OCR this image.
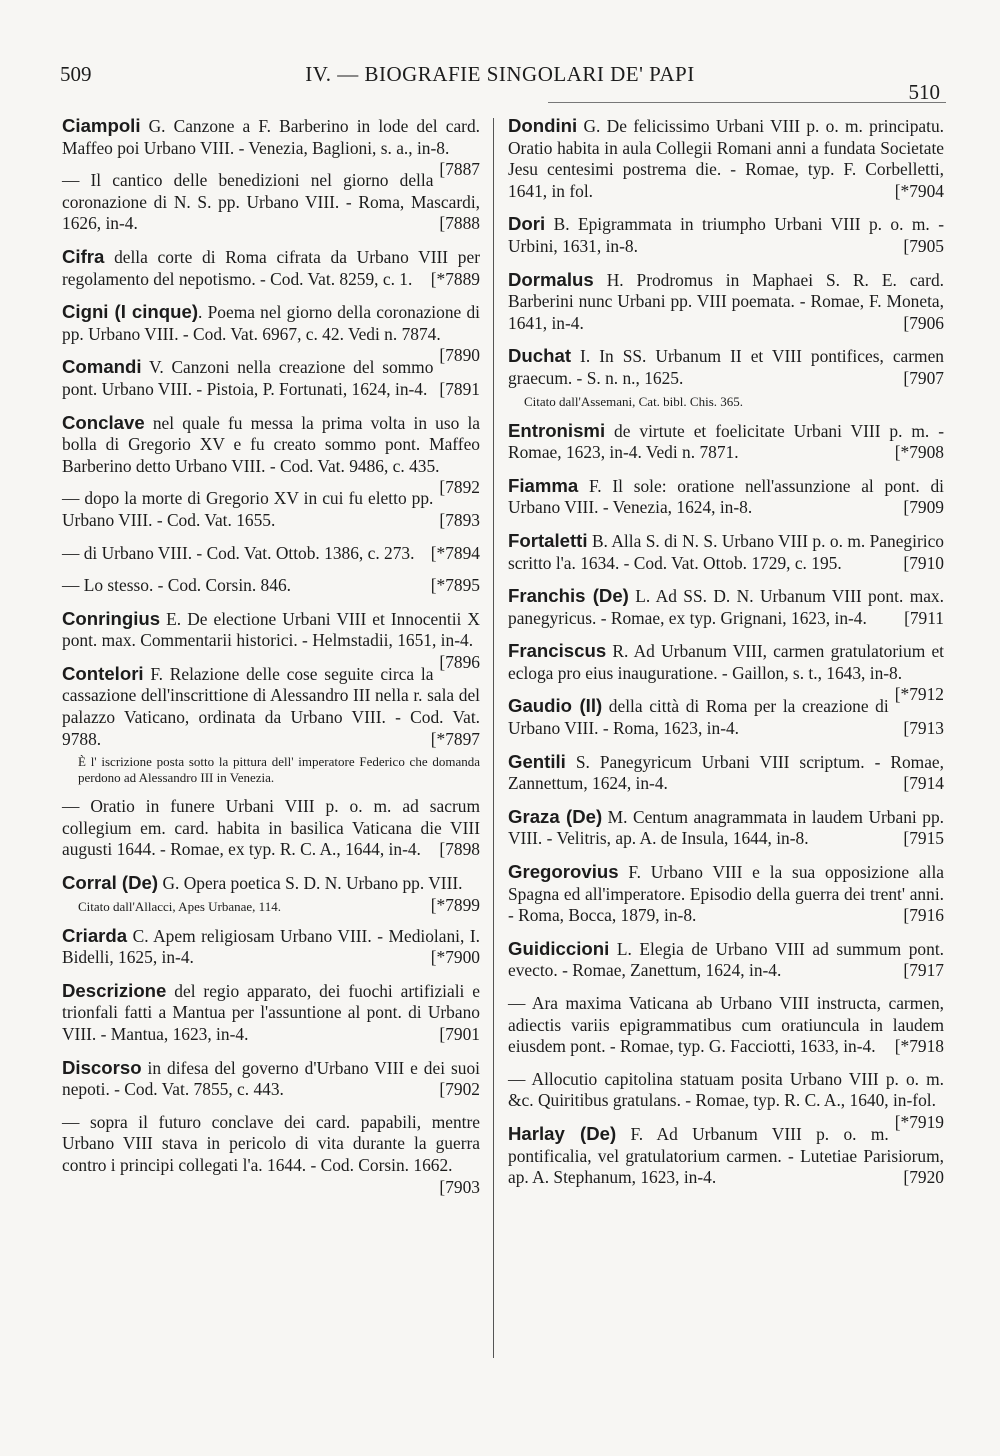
509	IV. — BIOGRAFIE SINGOLARI DE' PAPI
510

Ciampoli G. Canzone a F. Barberino in lode del card. Maffeo poi Urbano VIII. - Venezia, Baglioni, s. a., in-8.
[7887

— Il cantico delle benedizioni nel giorno della coronazione di N. S. pp. Urbano VIII. - Roma, Mascardi, 1626, in-4.	[7888

Cifra della corte di Roma cifrata da Urbano VIII per regolamento del nepotismo. - Cod. Vat. 8259, c. 1. [*7889

Cigni (I cinque). Poema nel giorno della coronazione di pp. Urbano VIII. - Cod. Vat. 6967, c. 42. Vedi n. 7874.
[7890

Comandi V. Canzoni nella creazione del sommo pont. Urbano VIII. - Pistoia, P. Fortunati, 1624, in-4. [7891

Conclave nel quale fu messa la prima volta in uso la bolla di Gregorio XV e fu creato sommo pont. Maffeo Barberino detto Urbano VIII. - Cod. Vat. 9486, c. 435.
[7892

— dopo la morte di Gregorio XV in cui fu eletto pp. Urbano VIII. - Cod. Vat. 1655.	[7893

— di Urbano VIII. - Cod. Vat. Ottob. 1386, c. 273. [*7894

— Lo stesso. - Cod. Corsin. 846.	[*7895

Conringius E. De electione Urbani VIII et Innocentii X pont. max. Commentarii historici. - Helmstadii, 1651, in-4.
[7896

Contelori F. Relazione delle cose seguite circa la cassazione dell'inscrittione di Alessandro III nella r. sala del palazzo Vaticano, ordinata da Urbano VIII. - Cod. Vat. 9788.	[*7897

È l' iscrizione posta sotto la pittura dell' imperatore Federico che domanda perdono ad Alessandro III in Venezia.

— Oratio in funere Urbani VIII p. o. m. ad sacrum collegium em. card. habita in basilica Vaticana die VIII augusti 1644. - Romae, ex typ. R. C. A., 1644, in-4. [7898

Corral (De) G. Opera poetica S. D. N. Urbano pp. VIII.
[*7899

Citato dall'Allacci, Apes Urbanae, 114.

Criarda C. Apem religiosam Urbano VIII. - Mediolani, I. Bidelli, 1625, in-4.	[*7900

Descrizione del regio apparato, dei fuochi artifiziali e trionfali fatti a Mantua per l'assuntione al pont. di Urbano VIII. - Mantua, 1623, in-4.	[7901

Discorso in difesa del governo d'Urbano VIII e dei suoi nepoti. - Cod. Vat. 7855, c. 443.	[7902

— sopra il futuro conclave dei card. papabili, mentre Urbano VIII stava in pericolo di vita durante la guerra contro i principi collegati l'a. 1644. - Cod. Corsin. 1662.
[7903

Dondini G. De felicissimo Urbani VIII p. o. m. principatu. Oratio habita in aula Collegii Romani anni a fundata Societate Jesu centesimi postrema die. - Romae, typ. F. Corbelletti, 1641, in fol.	[*7904

Dori B. Epigrammata in triumpho Urbani VIII p. o. m. - Urbini, 1631, in-8.	[7905

Dormalus H. Prodromus in Maphaei S. R. E. card. Barberini nunc Urbani pp. VIII poemata. - Romae, F. Moneta, 1641, in-4.	[7906

Duchat I. In SS. Urbanum II et VIII pontifices, carmen graecum. - S. n. n., 1625.	[7907

Citato dall'Assemani, Cat. bibl. Chis. 365.

Entronismi de virtute et foelicitate Urbani VIII p. m. - Romae, 1623, in-4. Vedi n. 7871.	[*7908

Fiamma F. Il sole: oratione nell'assunzione al pont. di Urbano VIII. - Venezia, 1624, in-8.	[7909

Fortaletti B. Alla S. di N. S. Urbano VIII p. o. m. Panegirico scritto l'a. 1634. - Cod. Vat. Ottob. 1729, c. 195.	[7910

Franchis (De) L. Ad SS. D. N. Urbanum VIII pont. max. panegyricus. - Romae, ex typ. Grignani, 1623, in-4. [7911

Franciscus R. Ad Urbanum VIII, carmen gratulatorium et ecloga pro eius inauguratione. - Gaillon, s. t., 1643, in-8.
[*7912

Gaudio (Il) della città di Roma per la creazione di Urbano VIII. - Roma, 1623, in-4.	[7913

Gentili S. Panegyricum Urbani VIII scriptum. - Romae, Zannettum, 1624, in-4.	[7914

Graza (De) M. Centum anagrammata in laudem Urbani pp. VIII. - Velitris, ap. A. de Insula, 1644, in-8.	[7915

Gregorovius F. Urbano VIII e la sua opposizione alla Spagna ed all'imperatore. Episodio della guerra dei trent' anni. - Roma, Bocca, 1879, in-8.	[7916

Guidiccioni L. Elegia de Urbano VIII ad summum pont. evecto. - Romae, Zanettum, 1624, in-4.	[7917

— Ara maxima Vaticana ab Urbano VIII instructa, carmen, adiectis variis epigrammatibus cum oratiuncula in laudem eiusdem pont. - Romae, typ. G. Facciotti, 1633, in-4. [*7918

— Allocutio capitolina statuam posita Urbano VIII p. o. m. &c. Quiritibus gratulans. - Romae, typ. R. C. A., 1640, in-fol.
[*7919

Harlay (De) F. Ad Urbanum VIII p. o. m. pontificalia, vel gratulatorium carmen. - Lutetiae Parisiorum, ap. A. Stephanum, 1623, in-4.	[7920
